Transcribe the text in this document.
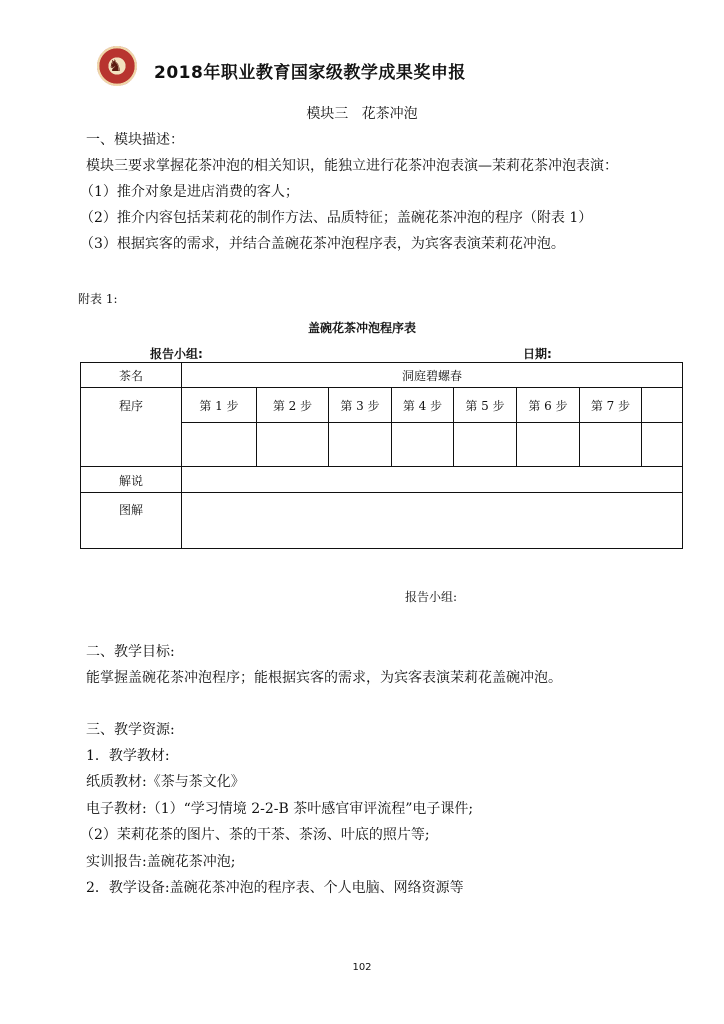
♞ 2018年职业教育国家级教学成果奖申报
模块三   花茶冲泡
一、模块描述：
模块三要求掌握花茶冲泡的相关知识，能独立进行花茶冲泡表演—茉莉花茶冲泡表演：
（1）推介对象是进店消费的客人；
（2）推介内容包括茉莉花的制作方法、品质特征；盖碗花茶冲泡的程序（附表 1）
（3）根据宾客的需求，并结合盖碗花茶冲泡程序表，为宾客表演茉莉花冲泡。
附表 1:
盖碗花茶冲泡程序表
报告小组:	日期:
茶名	洞庭碧螺春							
程序	第 1 步	第 2 步	第 3 步	第 4 步	第 5 步	第 6 步	第 7 步	

解说								
图解								
报告小组:
二、教学目标:
能掌握盖碗花茶冲泡程序；能根据宾客的需求，为宾客表演茉莉花盖碗冲泡。
三、教学资源:
1．教学教材:
纸质教材:《茶与茶文化》
电子教材:（1）“学习情境 2-2-B 茶叶感官审评流程”电子课件;
（2）茉莉花茶的图片、茶的干茶、茶汤、叶底的照片等;
实训报告:盖碗花茶冲泡;
2．教学设备:盖碗花茶冲泡的程序表、个人电脑、网络资源等
102
